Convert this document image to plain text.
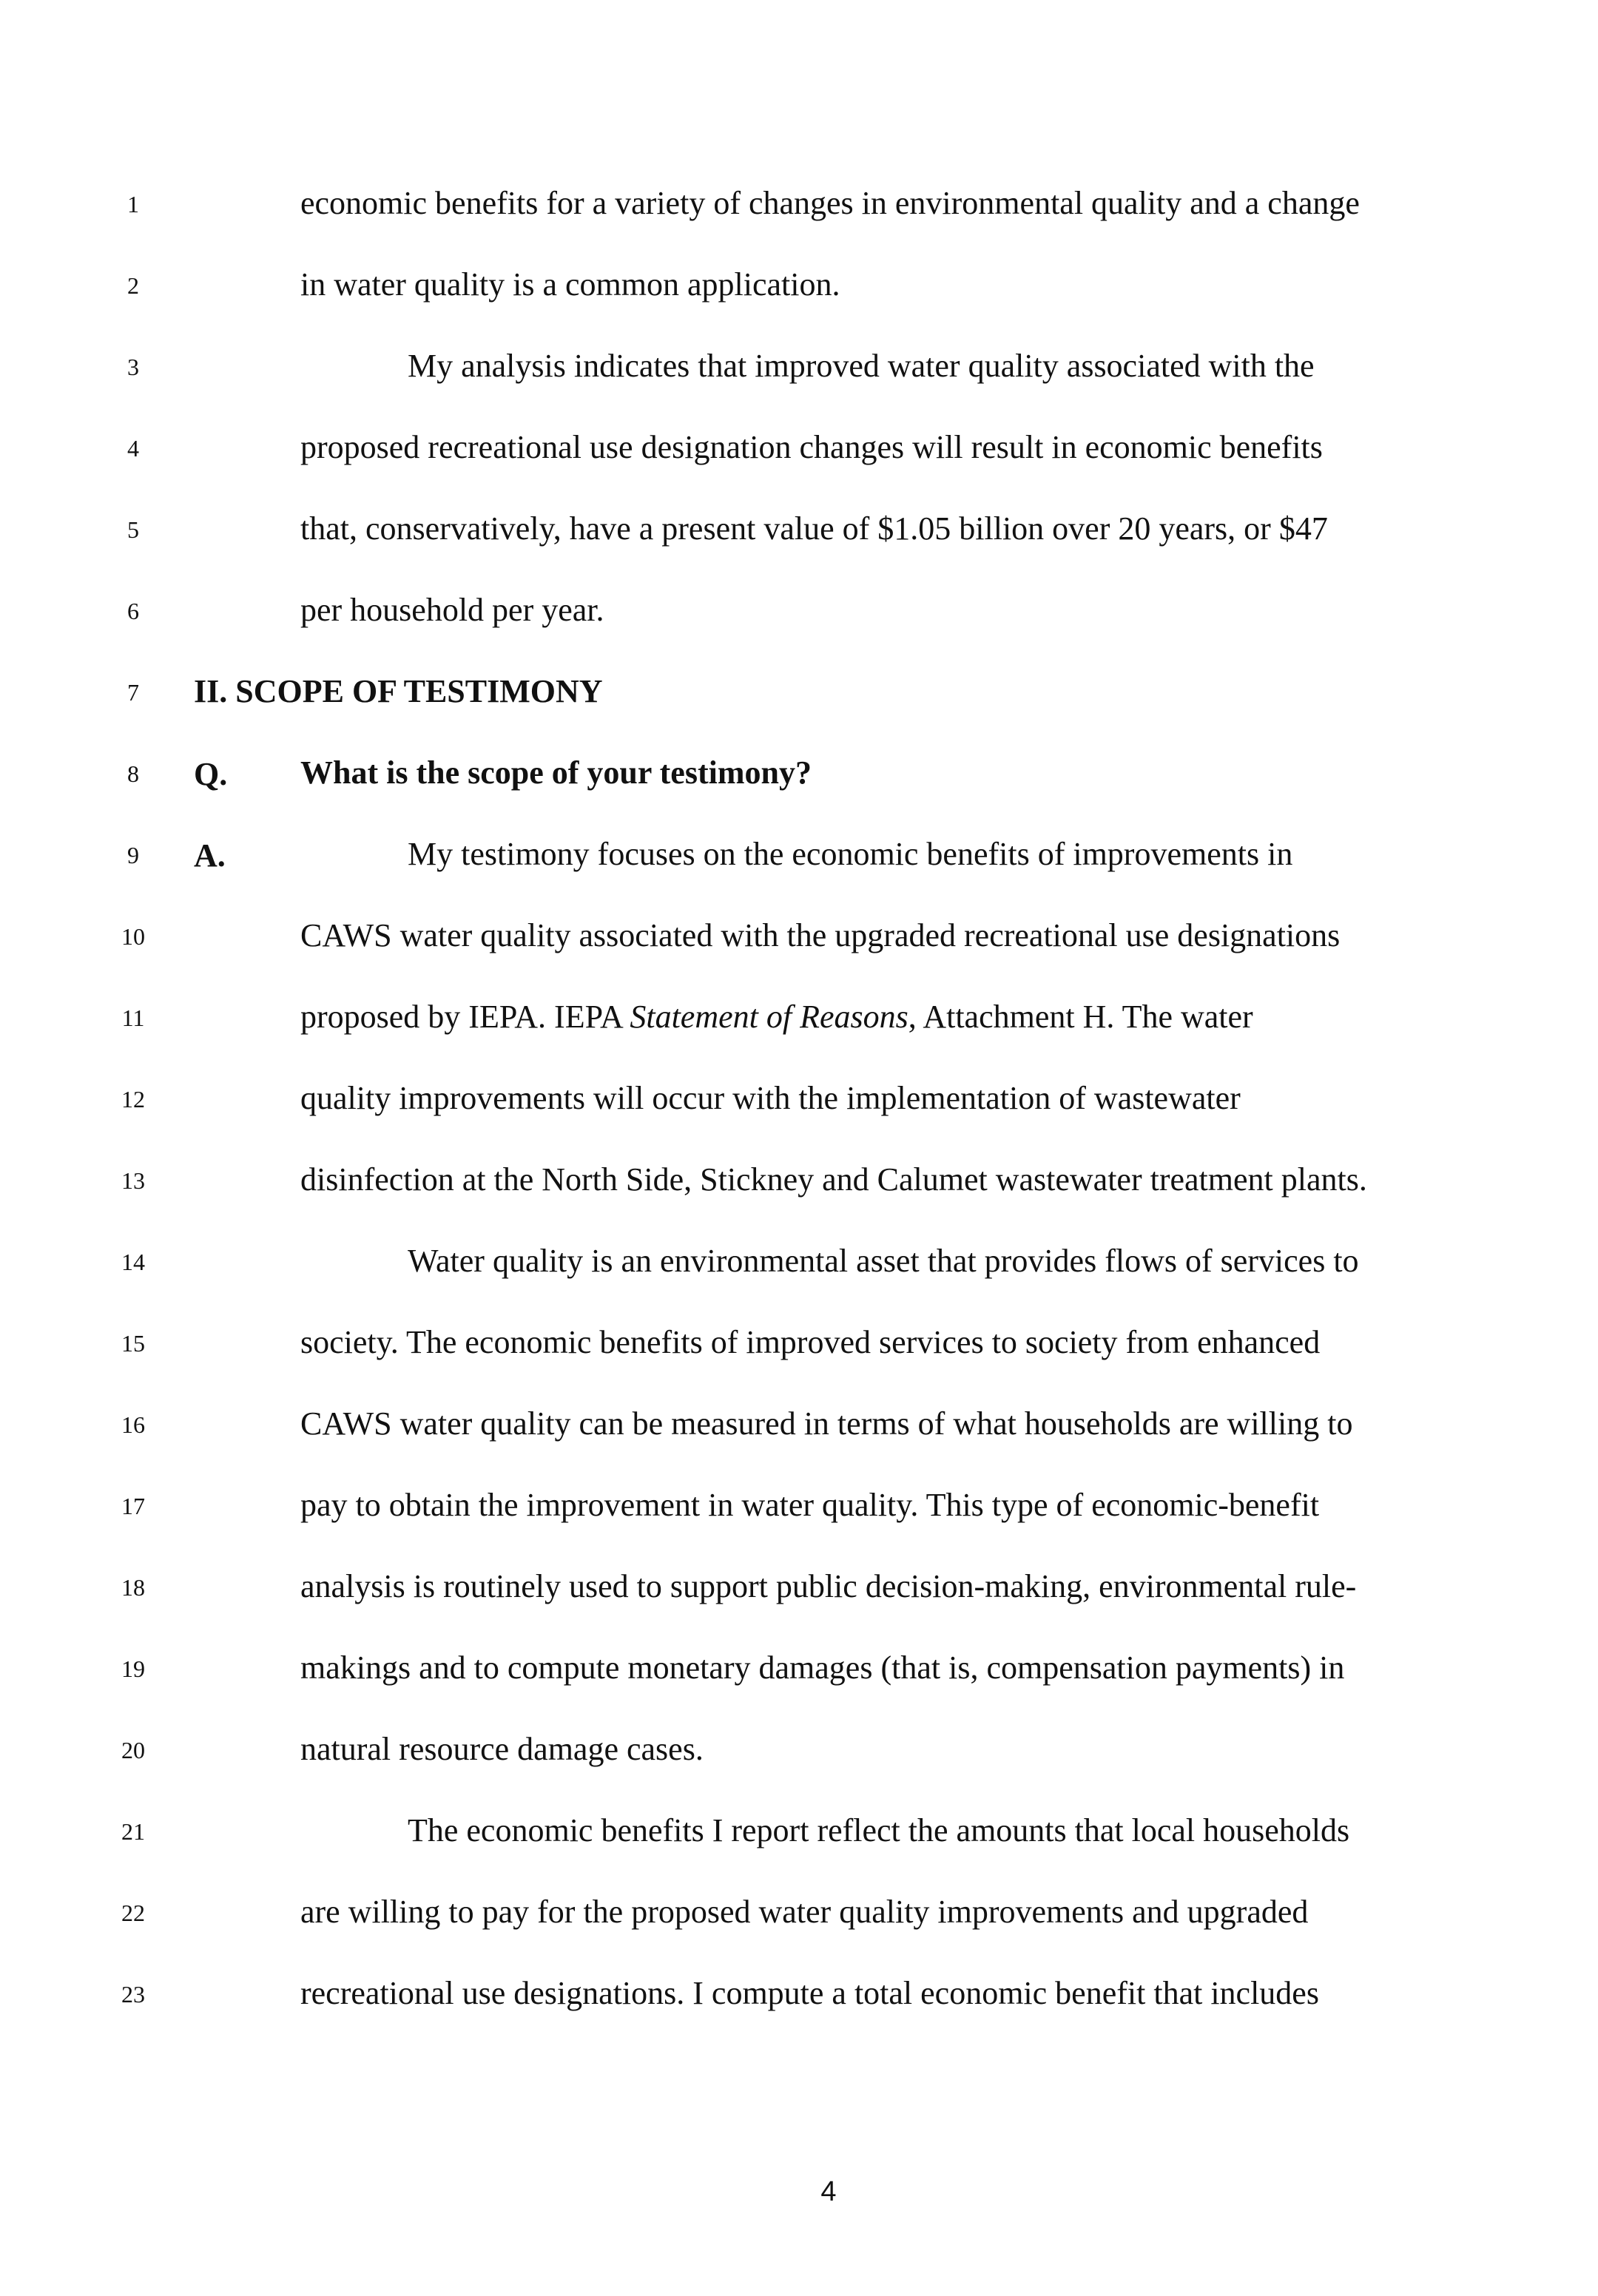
1	economic benefits for a variety of changes in environmental quality and a change
2	in water quality is a common application.
3	My analysis indicates that improved water quality associated with the
4	proposed recreational use designation changes will result in economic benefits
5	that, conservatively, have a present value of $1.05 billion over 20 years, or $47
6	per household per year.
7	II. SCOPE OF TESTIMONY
8	Q. What is the scope of your testimony?
9	A.	My testimony focuses on the economic benefits of improvements in
10	CAWS water quality associated with the upgraded recreational use designations
11	proposed by IEPA. IEPA Statement of Reasons, Attachment H. The water
12	quality improvements will occur with the implementation of wastewater
13	disinfection at the North Side, Stickney and Calumet wastewater treatment plants.
14	Water quality is an environmental asset that provides flows of services to
15	society. The economic benefits of improved services to society from enhanced
16	CAWS water quality can be measured in terms of what households are willing to
17	pay to obtain the improvement in water quality. This type of economic-benefit
18	analysis is routinely used to support public decision-making, environmental rule-
19	makings and to compute monetary damages (that is, compensation payments) in
20	natural resource damage cases.
21	The economic benefits I report reflect the amounts that local households
22	are willing to pay for the proposed water quality improvements and upgraded
23	recreational use designations. I compute a total economic benefit that includes
4
